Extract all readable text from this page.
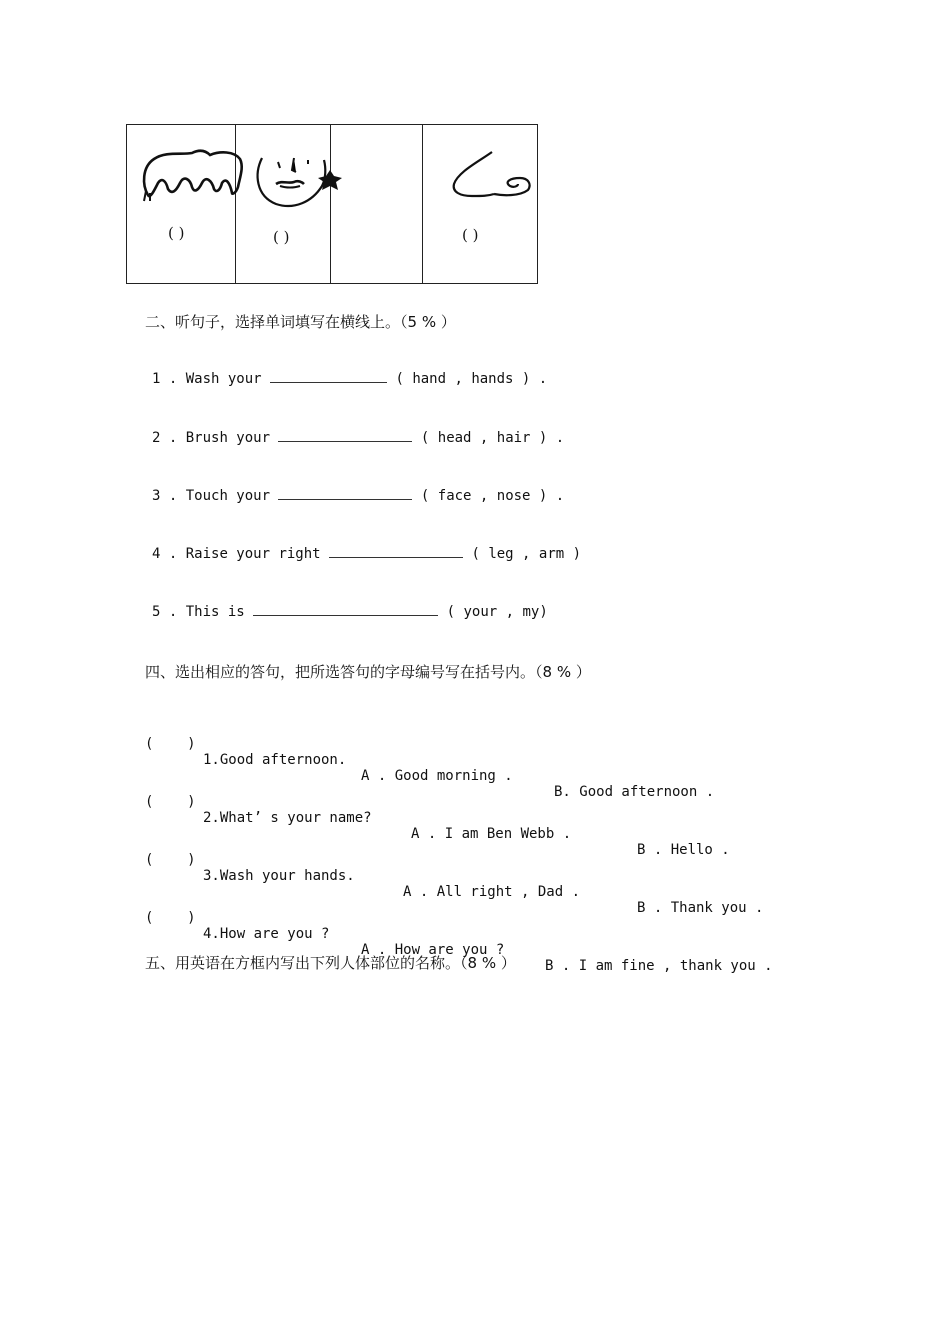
( )	( )	( )
二、听句子，选择单词填写在横线上。（5 % ）
1 . Wash your	( hand , hands ) .
2 . Brush your	( head , hair ) .
3 . Touch your	( face , nose ) .
4 . Raise your right	( leg , arm )
5 . This is	( your , my)
四、选出相应的答句，把所选答句的字母编号写在括号内。（8 % ）

(    )

1.Good afternoon.

A . Good morning .

B. Good afternoon .

(    )

2.What’ s your name?

A . I am Ben Webb .

B . Hello .

(    )

3.Wash your hands.

A . All right , Dad .

B . Thank you .

(    )

4.How are you ?

A . How are you ?

B . I am fine , thank you .

五、用英语在方框内写出下列人体部位的名称。（8 % ）
